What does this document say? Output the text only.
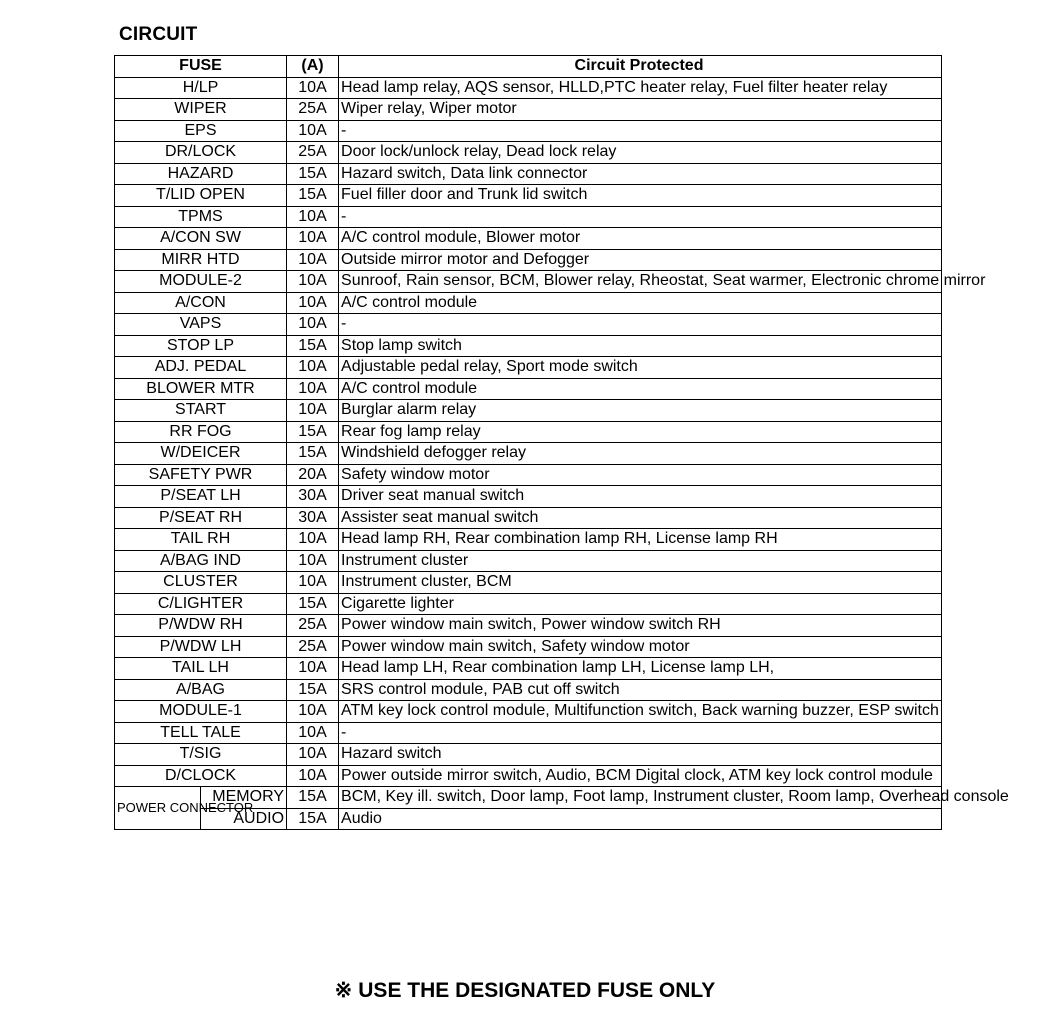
CIRCUIT
FUSE		(A)	Circuit Protected
H/LP		10A	Head lamp relay, AQS sensor, HLLD,PTC heater relay, Fuel filter heater relay
WIPER		25A	Wiper relay, Wiper motor
EPS		10A	-
DR/LOCK		25A	Door lock/unlock relay, Dead lock relay
HAZARD		15A	Hazard switch, Data link connector
T/LID OPEN		15A	Fuel filler door and Trunk lid switch
TPMS		10A	-
A/CON SW		10A	A/C control module, Blower motor
MIRR HTD		10A	Outside mirror motor and Defogger
MODULE-2		10A	Sunroof, Rain sensor, BCM, Blower relay, Rheostat, Seat warmer, Electronic chrome mirror
A/CON		10A	A/C control module
VAPS		10A	-
STOP LP		15A	Stop lamp switch
ADJ. PEDAL		10A	Adjustable pedal relay, Sport mode switch
BLOWER MTR		10A	A/C control module
START		10A	Burglar alarm relay
RR FOG		15A	Rear fog lamp relay
W/DEICER		15A	Windshield defogger relay
SAFETY PWR		20A	Safety window motor
P/SEAT LH		30A	Driver seat manual switch
P/SEAT RH		30A	Assister seat manual switch
TAIL RH		10A	Head lamp RH, Rear combination lamp RH, License lamp RH
A/BAG IND		10A	Instrument cluster
CLUSTER		10A	Instrument cluster, BCM
C/LIGHTER		15A	Cigarette lighter
P/WDW RH		25A	Power window main switch, Power window switch RH
P/WDW LH		25A	Power window main switch, Safety window motor
TAIL LH		10A	Head lamp LH, Rear combination lamp LH, License lamp LH,
A/BAG		15A	SRS control module, PAB cut off switch
MODULE-1		10A	ATM key lock control module, Multifunction switch, Back warning buzzer, ESP switch
TELL TALE		10A	-
T/SIG		10A	Hazard switch
D/CLOCK		10A	Power outside mirror switch, Audio, BCM Digital clock, ATM key lock control module
POWER CONNECTOR	MEMORY	15A	BCM, Key ill. switch, Door lamp, Foot lamp, Instrument cluster, Room lamp, Overhead console
	AUDIO	15A	Audio

※ USE THE DESIGNATED FUSE ONLY
